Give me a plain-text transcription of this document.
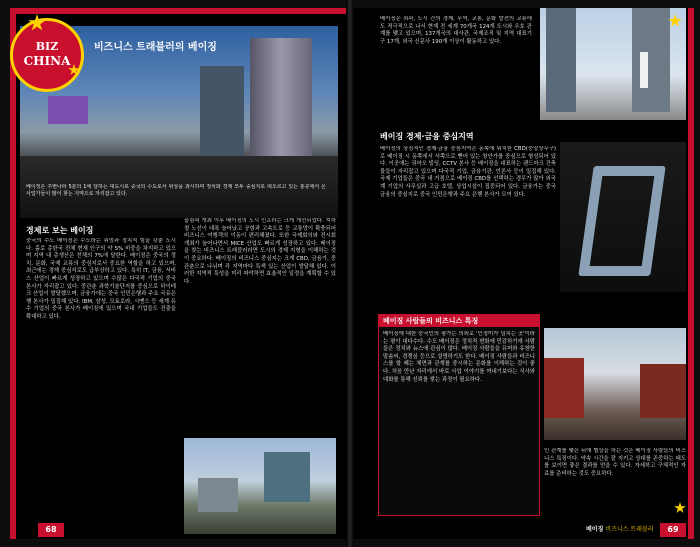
BIZ
CHINA
비즈니스 트래블러의 베이징
베이징은 주변나라 5분의 1에 달하는 대도시로 중국의 수도로서 위상을 과시하며 정치와 경제 모두 중심지로 떠오르고 있는 홍콩에서 온 사업가들이 많이 찾는 지역으로 자리잡고 있다.
경제로 보는 베이징
중국의 수도 베이징은 수도라는 위엄과 정치적 힘을 갖춘 도시다. 홀로 총한국 전체 현재 인구의 약 5% 비중을 차지하고 있으며 지역 내 총생산은 전체의 7%에 달한다. 베이징은 중국의 정치, 문화, 국제 교류의 중심지로서 중요한 역할을 하고 있으며, 최근에는 경제 중심지로도 급부상하고 있다. 특히 IT, 금융, 서비스 산업이 빠르게 성장하고 있으며 수많은 다국적 기업의 중국 본사가 자리잡고 있다. 중관춘 과학기술단지를 중심으로 하이테크 산업이 발달했으며, 금융가에는 중국 인민은행과 주요 국유은행 본사가 밀집해 있다. IBM, 삼성, 모토로라, 시멘스 등 세계 유수 기업의 중국 본사가 베이징에 있으며 국내 기업들도 진출을 확대하고 있다.
올림픽 개최 이후 베이징의 도시 인프라는 크게 개선되었다. 지하철 노선이 대폭 늘어났고 공항과 고속도로 등 교통망이 확충되어 비즈니스 여행객의 이동이 편리해졌다. 또한 국제회의와 전시회 개최가 늘어나면서 MICE 산업도 빠르게 성장하고 있다. 베이징을 찾는 비즈니스 트래블러라면 도시의 경제 지형을 이해하는 것이 중요하다. 베이징의 비즈니스 중심지는 크게 CBD, 금융가, 중관춘으로 나뉘며 각 지역마다 특색 있는 산업이 발달해 있다. 이러한 지역적 특성을 미리 파악하면 효율적인 일정을 계획할 수 있다.
68
베이징은 외곽, 도시 간의 경제, 무역, 교통, 문화 발전의 교류에도 적극적으로 나서 현재 전 세계 70개국 124개 도시와 우호 관계를 맺고 있으며, 137개국의 대사관, 국제조직 및 지역 대표기구 17개, 외국 신문사 190개 이상이 활동하고 있다.
베이징 경제·금융 중심지역
베이징의 상징적인 경제·금융 중심지역은 동쪽에 위치한 CBD(중앙상무구)로 베이징 시 동쪽에서 서쪽으로 뻗어 있는 창안가를 중심으로 형성되어 있다. 이곳에는 궈마오 빌딩, CCTV 본사 등 베이징을 대표하는 랜드마크 건축물들이 자리잡고 있으며 다국적 기업, 금융기관, 언론사 등이 밀집해 있다. 국제 기업들은 중국 내 거점으로 베이징 CBD를 선택하는 경우가 많아 외국계 기업의 사무실과 고급 호텔, 상업시설이 집중되어 있다. 금융가는 중국 금융의 중심지로 중국 인민은행과 주요 은행 본사가 모여 있다.
베이징 사람들의 비즈니스 특징
베이징에 대한 중국인의 평가는 의외로 '인정미가 넘치는 곳'이라는 평이 대다수다. 수도 베이징은 정치적 변화에 민감하기에 사람들은 정치와 뉴스에 관심이 많다. 베이징 사람들을 유머와 유창한 말솜씨, 경쟁심 등으로 설명하기도 한다. 베이징 사람들과 비즈니스를 할 때는 체면과 관계를 중시하는 문화를 이해하는 것이 좋다. 처음 만난 자리에서 바로 사업 이야기를 꺼내기보다는 식사와 대화를 통해 신뢰를 쌓는 과정이 필요하다.
인 관계를 맺은 뒤에 협상을 하는 것은 베이징 사람들의 비즈니스 특징이다. 약속 시간을 잘 지키고 상대를 존중하는 태도를 보이면 좋은 결과를 얻을 수 있다. 자세하고 구체적인 자료를 준비하는 것도 중요하다.
베이징 비즈니스 트래블러	69
